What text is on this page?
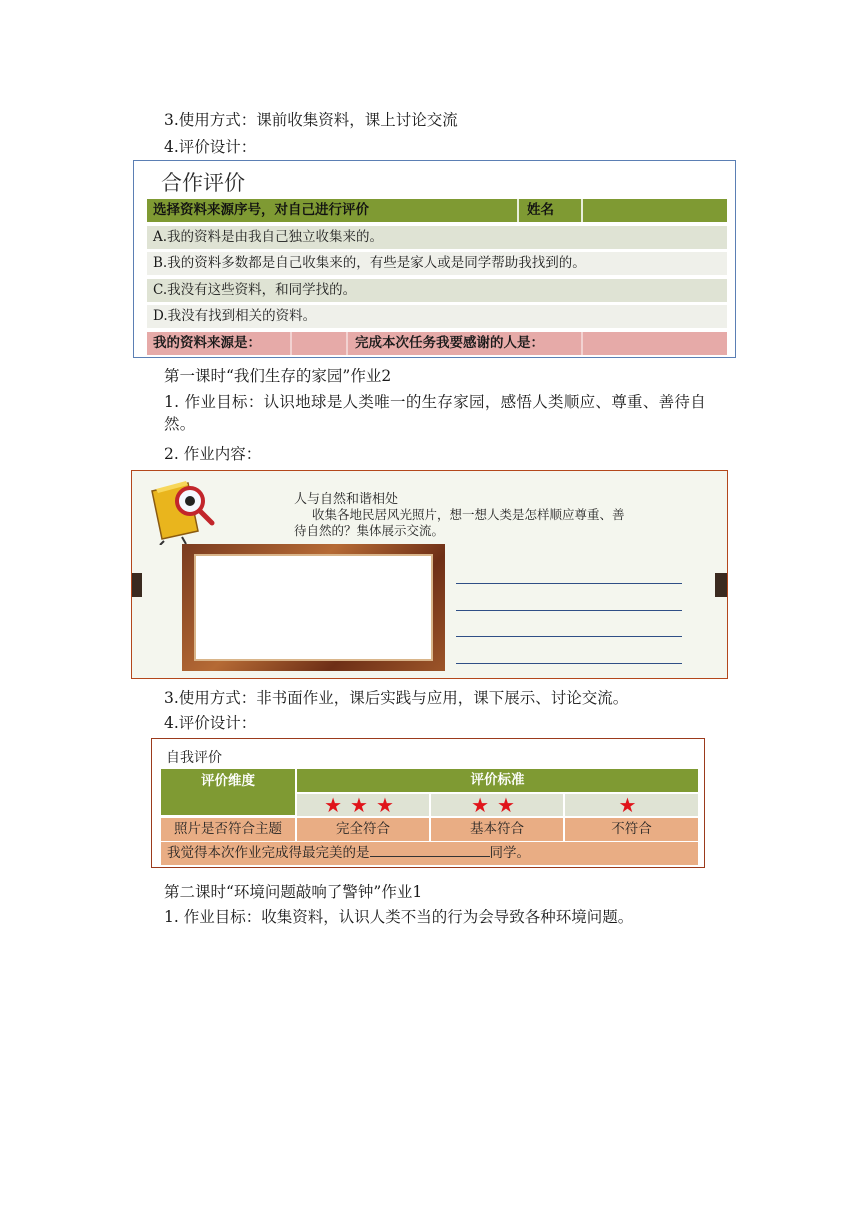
3.使用方式：课前收集资料，课上讨论交流
4.评价设计：
合作评价
选择资料来源序号，对自己进行评价	姓名
A.我的资料是由我自己独立收集来的。
B.我的资料多数都是自己收集来的，有些是家人或是同学帮助我找到的。
C.我没有这些资料，和同学找的。
D.我没有找到相关的资料。
我的资料来源是：	完成本次任务我要感谢的人是：
第一课时“我们生存的家园”作业2
1. 作业目标：认识地球是人类唯一的生存家园，感悟人类顺应、尊重、善待自然。
2. 作业内容：
人与自然和谐相处
收集各地民居风光照片，想一想人类是怎样顺应尊重、善
待自然的？集体展示交流。
3.使用方式：非书面作业，课后实践与应用，课下展示、讨论交流。
4.评价设计：
自我评价
评价维度	评价标准
★★★	★★	★
照片是否符合主题	完全符合	基本符合	不符合
我觉得本次作业完成得最完美的是	同学。
第二课时“环境问题敲响了警钟”作业1
1. 作业目标：收集资料，认识人类不当的行为会导致各种环境问题。
